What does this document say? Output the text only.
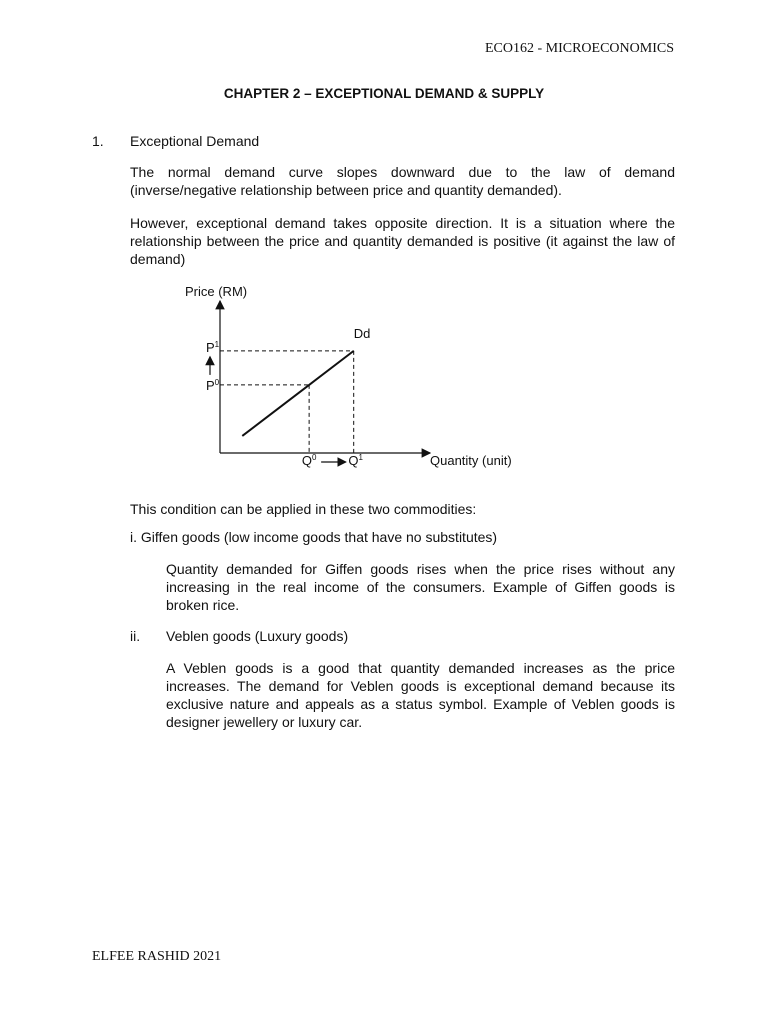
ECO162 - MICROECONOMICS
CHAPTER 2 – EXCEPTIONAL DEMAND & SUPPLY
1. Exceptional Demand
The normal demand curve slopes downward due to the law of demand (inverse/negative relationship between price and quantity demanded).
However, exceptional demand takes opposite direction. It is a situation where the relationship between the price and quantity demanded is positive (it against the law of demand)
Price (RM)
Quantity (unit)
Dd
$P^1$
$P^0$
$Q^0$ $Q^1$
This condition can be applied in these two commodities:
i. Giffen goods (low income goods that have no substitutes)
Quantity demanded for Giffen goods rises when the price rises without any increasing in the real income of the consumers. Example of Giffen goods is broken rice.
ii. Veblen goods (Luxury goods)
A Veblen goods is a good that quantity demanded increases as the price increases. The demand for Veblen goods is exceptional demand because its exclusive nature and appeals as a status symbol. Example of Veblen goods is designer jewellery or luxury car.
ELFEE RASHID 2021
